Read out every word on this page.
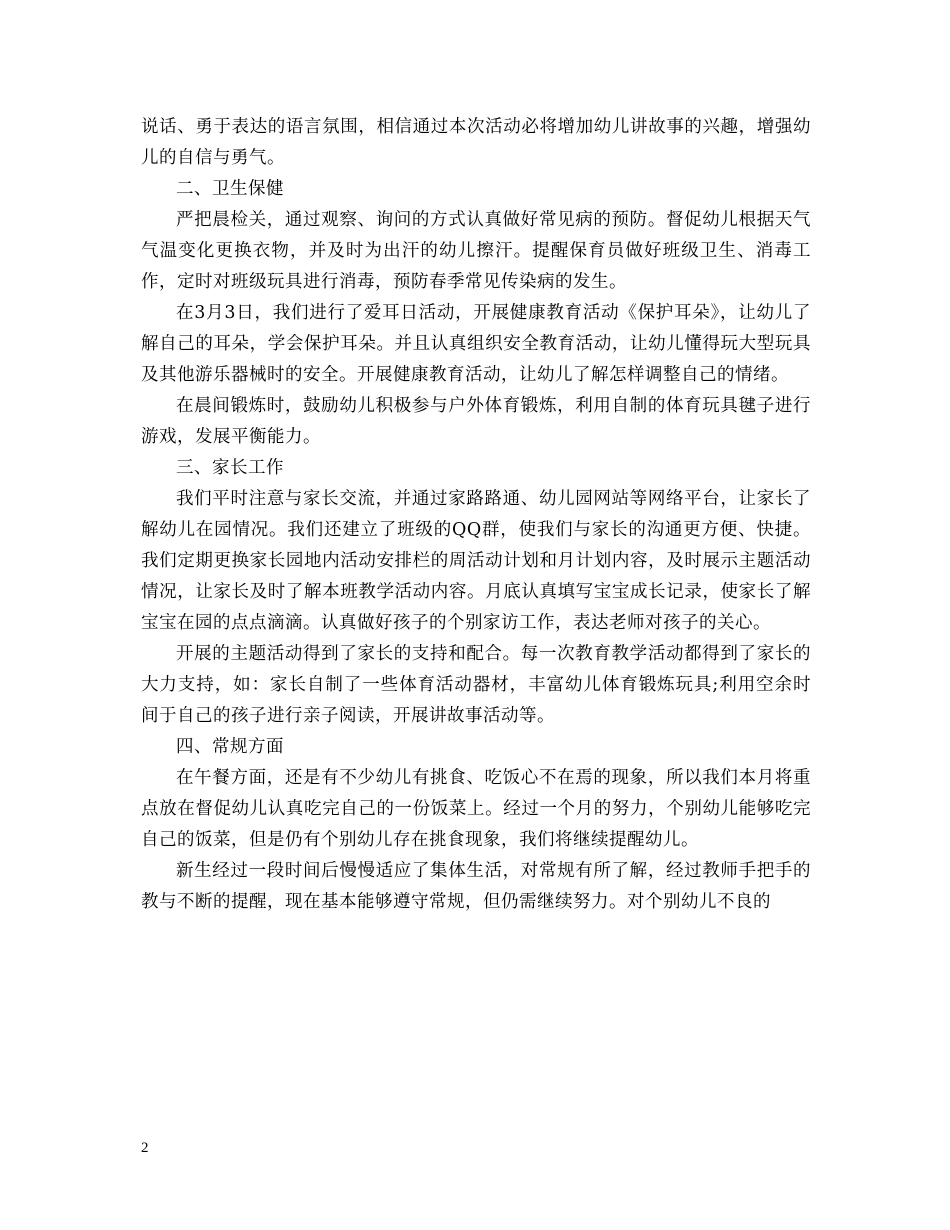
说话、勇于表达的语言氛围，相信通过本次活动必将增加幼儿讲故事的兴趣，增强幼儿的自信与勇气。

二、卫生保健

严把晨检关，通过观察、询问的方式认真做好常见病的预防。督促幼儿根据天气气温变化更换衣物，并及时为出汗的幼儿擦汗。提醒保育员做好班级卫生、消毒工作，定时对班级玩具进行消毒，预防春季常见传染病的发生。

在3月3日，我们进行了爱耳日活动，开展健康教育活动《保护耳朵》，让幼儿了解自己的耳朵，学会保护耳朵。并且认真组织安全教育活动，让幼儿懂得玩大型玩具及其他游乐器械时的安全。开展健康教育活动，让幼儿了解怎样调整自己的情绪。

在晨间锻炼时，鼓励幼儿积极参与户外体育锻炼，利用自制的体育玩具毽子进行游戏，发展平衡能力。

三、家长工作

我们平时注意与家长交流，并通过家路路通、幼儿园网站等网络平台，让家长了解幼儿在园情况。我们还建立了班级的QQ群，使我们与家长的沟通更方便、快捷。我们定期更换家长园地内活动安排栏的周活动计划和月计划内容，及时展示主题活动情况，让家长及时了解本班教学活动内容。月底认真填写宝宝成长记录，使家长了解宝宝在园的点点滴滴。认真做好孩子的个别家访工作，表达老师对孩子的关心。

开展的主题活动得到了家长的支持和配合。每一次教育教学活动都得到了家长的大力支持，如：家长自制了一些体育活动器材，丰富幼儿体育锻炼玩具;利用空余时间于自己的孩子进行亲子阅读，开展讲故事活动等。

四、常规方面

在午餐方面，还是有不少幼儿有挑食、吃饭心不在焉的现象，所以我们本月将重点放在督促幼儿认真吃完自己的一份饭菜上。经过一个月的努力，个别幼儿能够吃完自己的饭菜，但是仍有个别幼儿存在挑食现象，我们将继续提醒幼儿。

新生经过一段时间后慢慢适应了集体生活，对常规有所了解，经过教师手把手的教与不断的提醒，现在基本能够遵守常规，但仍需继续努力。对个别幼儿不良的

2
